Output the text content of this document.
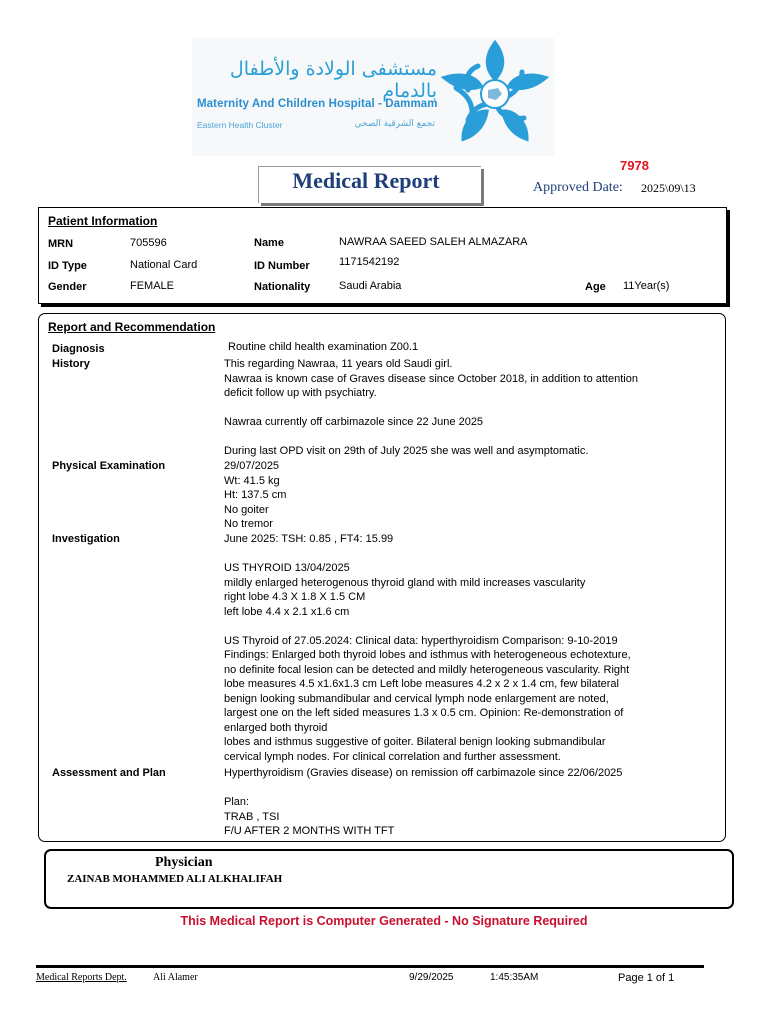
مستشفى الولادة والأطفال بالدمام
Maternity And Children Hospital - Dammam
Eastern Health Cluster	تجمع الشرقية الصحي
Medical Report
7978
Approved Date: 2025\09\13
Patient Information
MRN	705596	Name	NAWRAA SAEED SALEH ALMAZARA
ID Type	National Card	ID Number	1171542192
Gender	FEMALE	Nationality	Saudi Arabia	Age 11Year(s)
Report and Recommendation
Diagnosis	Routine child health examination Z00.1
History	This regarding Nawraa, 11 years old Saudi girl.
Nawraa is known case of Graves disease since October 2018, in addition to attention
deficit follow up with psychiatry.

Nawraa currently off carbimazole since 22 June 2025

During last OPD visit on 29th of July 2025 she was well and asymptomatic.
Physical Examination	29/07/2025
Wt: 41.5 kg
Ht: 137.5 cm
No goiter
No tremor
Investigation	June 2025: TSH: 0.85 , FT4: 15.99

US THYROID 13/04/2025
mildly enlarged heterogenous thyroid gland with mild increases vascularity
right lobe 4.3 X 1.8 X 1.5 CM
left lobe 4.4 x 2.1 x1.6 cm

US Thyroid of 27.05.2024: Clinical data: hyperthyroidism Comparison: 9-10-2019
Findings: Enlarged both thyroid lobes and isthmus with heterogeneous echotexture,
no definite focal lesion can be detected and mildly heterogeneous vascularity. Right
lobe measures 4.5 x1.6x1.3 cm Left lobe measures 4.2 x 2 x 1.4 cm, few bilateral
benign looking submandibular and cervical lymph node enlargement are noted,
largest one on the left sided measures 1.3 x 0.5 cm. Opinion: Re-demonstration of
enlarged both thyroid
lobes and isthmus suggestive of goiter. Bilateral benign looking submandibular
cervical lymph nodes. For clinical correlation and further assessment.
Assessment and Plan	Hyperthyroidism (Gravies disease) on remission off carbimazole since 22/06/2025

Plan:
TRAB , TSI
F/U AFTER 2 MONTHS WITH TFT
Physician
ZAINAB MOHAMMED ALI ALKHALIFAH
This Medical Report is Computer Generated - No Signature Required
Medical Reports Dept.	Ali Alamer	9/29/2025	1:45:35AM	Page 1 of 1
